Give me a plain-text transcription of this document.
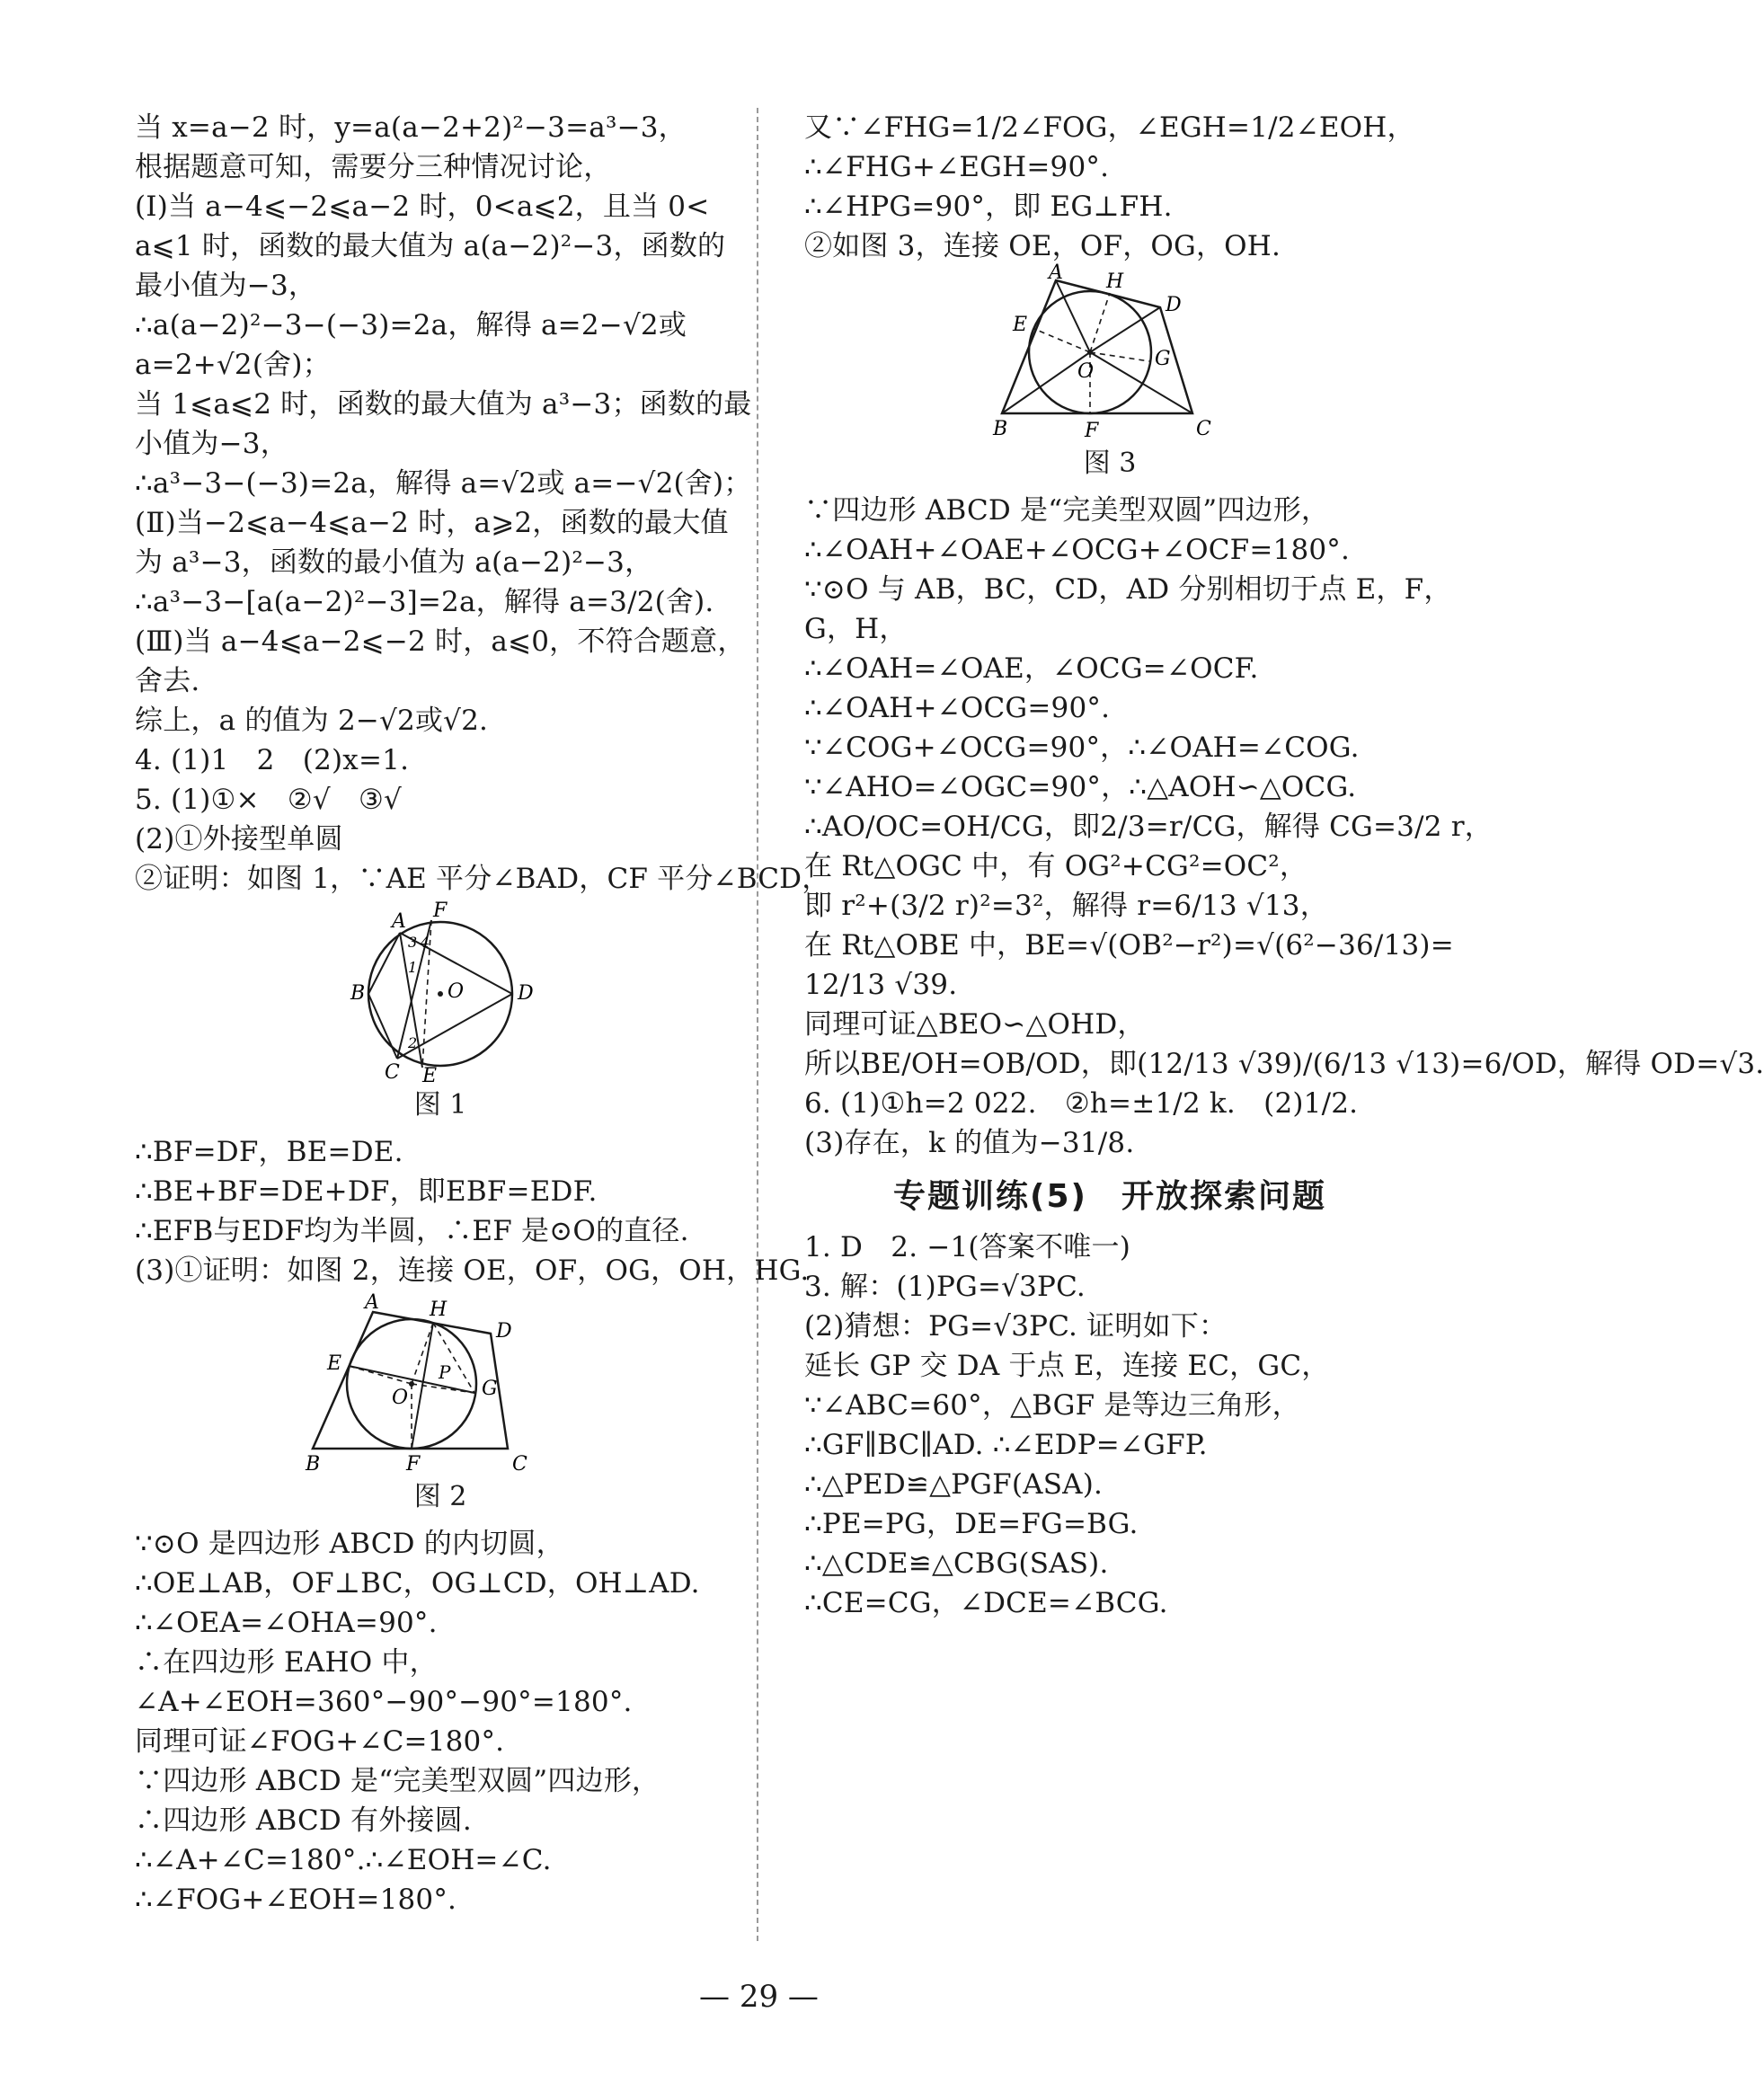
当 x=a−2 时，y=a(a−2+2)²−3=a³−3，
根据题意可知，需要分三种情况讨论，
(Ⅰ)当 a−4⩽−2⩽a−2 时，0<a⩽2，且当 0<
a⩽1 时，函数的最大值为 a(a−2)²−3，函数的
最小值为−3，
∴a(a−2)²−3−(−3)=2a，解得 a=2−√2或
a=2+√2(舍)；
当 1⩽a⩽2 时，函数的最大值为 a³−3；函数的最
小值为−3，
∴a³−3−(−3)=2a，解得 a=√2或 a=−√2(舍)；
(Ⅱ)当−2⩽a−4⩽a−2 时，a⩾2，函数的最大值
为 a³−3，函数的最小值为 a(a−2)²−3，
∴a³−3−[a(a−2)²−3]=2a，解得 a=3/2(舍).
(Ⅲ)当 a−4⩽a−2⩽−2 时，a⩽0，不符合题意，
舍去.
综上，a 的值为 2−√2或√2.
4. (1)1　2　(2)x=1.
5. (1)①×　②√　③√
(2)①外接型单圆
②证明：如图 1，∵AE 平分∠BAD，CF 平分∠BCD，
A F
B	D
C E
O
3 4
1
2
图 1
∴BF=DF，BE=DE.
∴BE+BF=DE+DF，即EBF=EDF.
∴EFB与EDF均为半圆，∴EF 是⊙O的直径.
(3)①证明：如图 2，连接 OE，OF，OG，OH，HG.
A	H
D
E
G
P
O
B	F	C
图 2
∵⊙O 是四边形 ABCD 的内切圆，
∴OE⊥AB，OF⊥BC，OG⊥CD，OH⊥AD.
∴∠OEA=∠OHA=90°.
∴在四边形 EAHO 中，
∠A+∠EOH=360°−90°−90°=180°.
同理可证∠FOG+∠C=180°.
∵四边形 ABCD 是“完美型双圆”四边形，
∴四边形 ABCD 有外接圆.
∴∠A+∠C=180°.∴∠EOH=∠C.
∴∠FOG+∠EOH=180°.
又∵∠FHG=1/2∠FOG，∠EGH=1/2∠EOH，
∴∠FHG+∠EGH=90°.
∴∠HPG=90°，即 EG⊥FH.
②如图 3，连接 OE，OF，OG，OH.
A H
D
E
G
O
B	F	C
图 3
∵四边形 ABCD 是“完美型双圆”四边形，
∴∠OAH+∠OAE+∠OCG+∠OCF=180°.
∵⊙O 与 AB，BC，CD，AD 分别相切于点 E，F，
G，H，
∴∠OAH=∠OAE，∠OCG=∠OCF.
∴∠OAH+∠OCG=90°.
∵∠COG+∠OCG=90°，∴∠OAH=∠COG.
∵∠AHO=∠OGC=90°，∴△AOH∽△OCG.
∴AO/OC=OH/CG，即2/3=r/CG，解得 CG=3/2 r，
在 Rt△OGC 中，有 OG²+CG²=OC²，
即 r²+(3/2 r)²=3²，解得 r=6/13 √13，
在 Rt△OBE 中，BE=√(OB²−r²)=√(6²−36/13)=
12/13 √39.
同理可证△BEO∽△OHD，
所以BE/OH=OB/OD，即(12/13 √39)/(6/13 √13)=6/OD，解得 OD=√3.
6. (1)①h=2 022.　②h=±1/2 k.　(2)1/2.
(3)存在，k 的值为−31/8.
专题训练(5)　开放探索问题
1. D　2. −1(答案不唯一)
3. 解：(1)PG=√3PC.
(2)猜想：PG=√3PC. 证明如下：
延长 GP 交 DA 于点 E，连接 EC，GC，
∵∠ABC=60°，△BGF 是等边三角形，
∴GF∥BC∥AD. ∴∠EDP=∠GFP.
∴△PED≌△PGF(ASA).
∴PE=PG，DE=FG=BG.
∴△CDE≌△CBG(SAS).
∴CE=CG，∠DCE=∠BCG.
— 29 —
